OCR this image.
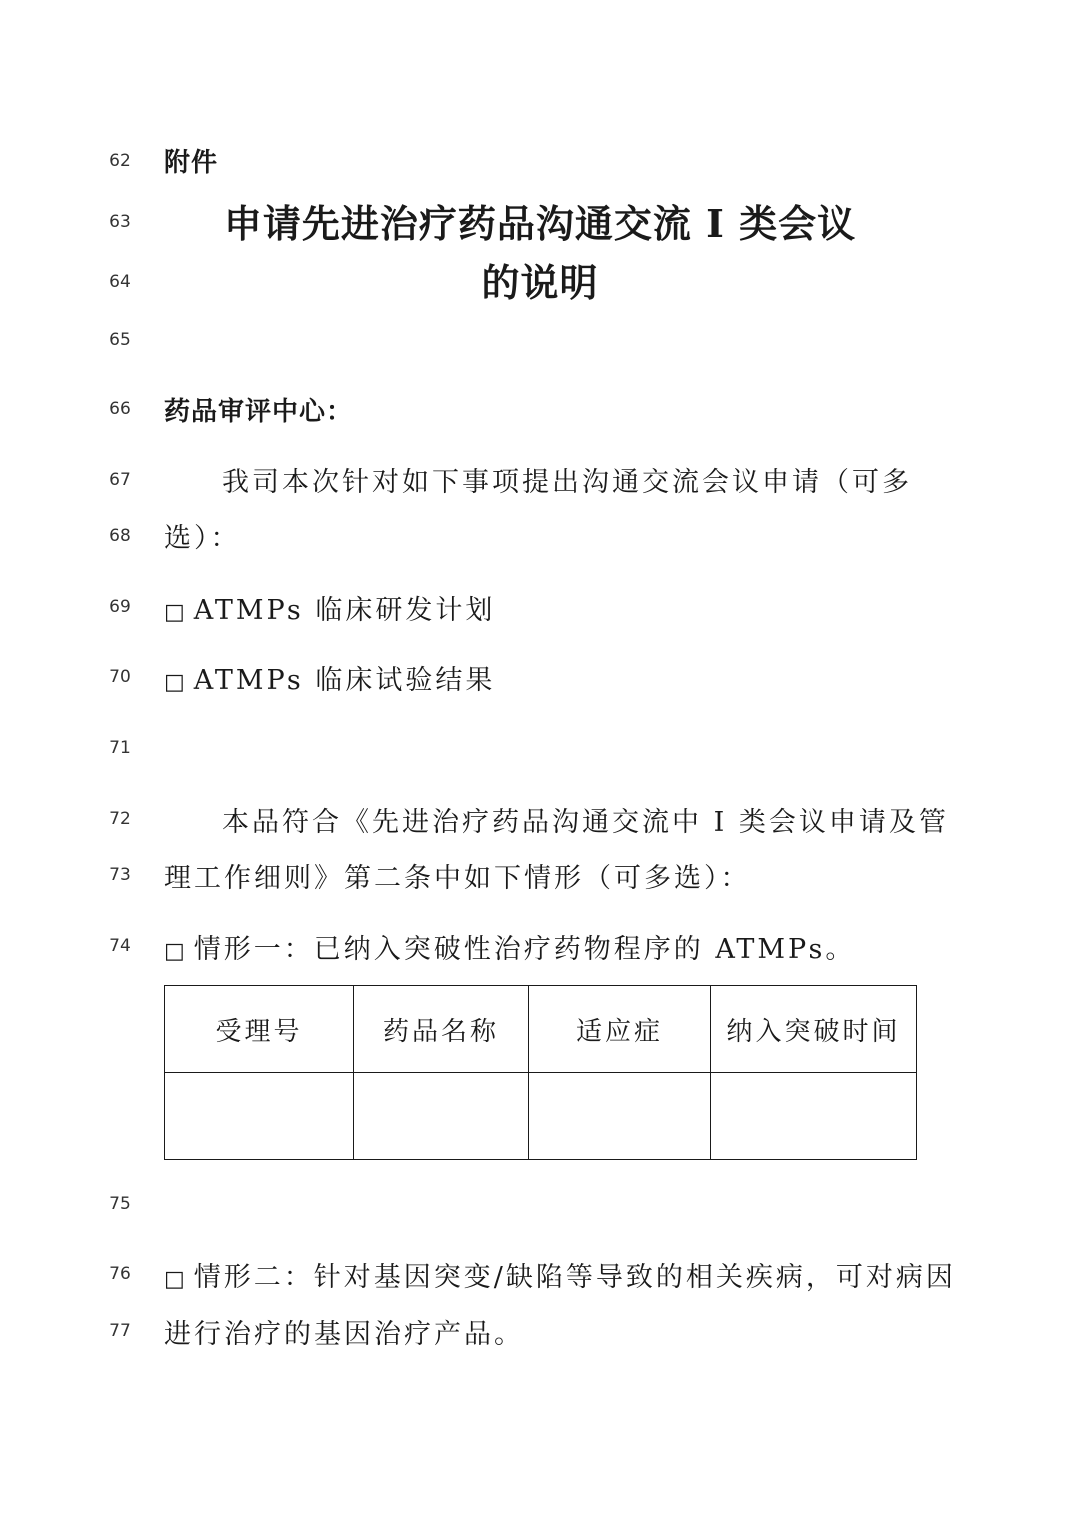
62
63
64
65
66
67
68
69
70
71
72
73
74
75
76
77
附件
申请先进治疗药品沟通交流 I 类会议
的说明
药品审评中心：
我司本次针对如下事项提出沟通交流会议申请（可多
选）：
□ ATMPs 临床研发计划
□ ATMPs 临床试验结果
本品符合《先进治疗药品沟通交流中 I 类会议申请及管
理工作细则》第二条中如下情形（可多选）：
□ 情形一：已纳入突破性治疗药物程序的 ATMPs。
受理号	药品名称	适应症	纳入突破时间

□ 情形二：针对基因突变/缺陷等导致的相关疾病，可对病因
进行治疗的基因治疗产品。
